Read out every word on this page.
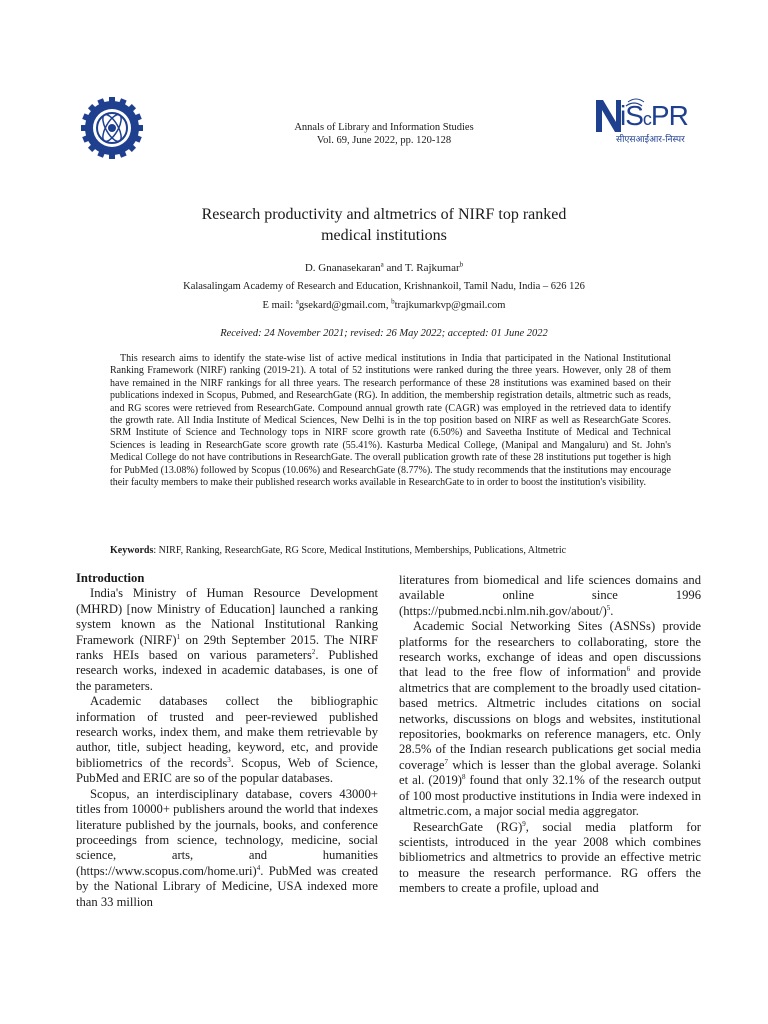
iScPR
सीएसआईआर-निस्पर
Annals of Library and Information Studies
Vol. 69, June 2022, pp. 120-128
Research productivity and altmetrics of NIRF top ranked
medical institutions
D. Gnanasekaran$^a$ and T. Rajkumar$^b$
Kalasalingam Academy of Research and Education, Krishnankoil, Tamil Nadu, India – 626 126
E mail: $^a$gsekard@gmail.com, $^b$trajkumarkvp@gmail.com
Received: 24 November 2021; revised: 26 May 2022; accepted: 01 June 2022
This research aims to identify the state-wise list of active medical institutions in India that participated in the National Institutional Ranking Framework (NIRF) ranking (2019-21). A total of 52 institutions were ranked during the three years. However, only 28 of them have remained in the NIRF rankings for all three years. The research performance of these 28 institutions was examined based on their publications indexed in Scopus, Pubmed, and ResearchGate (RG). In addition, the membership registration details, altmetric such as reads, and RG scores were retrieved from ResearchGate. Compound annual growth rate (CAGR) was employed in the retrieved data to identify the growth rate. All India Institute of Medical Sciences, New Delhi is in the top position based on NIRF as well as ResearchGate Scores. SRM Institute of Science and Technology tops in NIRF score growth rate (6.50%) and Saveetha Institute of Medical and Technical Sciences is leading in ResearchGate score growth rate (55.41%). Kasturba Medical College, (Manipal and Mangaluru) and St. John's Medical College do not have contributions in ResearchGate. The overall publication growth rate of these 28 institutions put together is high for PubMed (13.08%) followed by Scopus (10.06%) and ResearchGate (8.77%). The study recommends that the institutions may encourage their faculty members to make their published research works available in ResearchGate to in order to boost the institution's visibility.
Keywords: NIRF, Ranking, ResearchGate, RG Score, Medical Institutions, Memberships, Publications, Altmetric
Introduction

India's Ministry of Human Resource Development (MHRD) [now Ministry of Education] launched a ranking system known as the National Institutional Ranking Framework (NIRF)$^1$ on 29th September 2015. The NIRF ranks HEIs based on various parameters$^2$. Published research works, indexed in academic databases, is one of the parameters.

Academic databases collect the bibliographic information of trusted and peer-reviewed published research works, index them, and make them retrievable by author, title, subject heading, keyword, etc, and provide bibliometrics of the records$^3$. Scopus, Web of Science, PubMed and ERIC are so of the popular databases.

Scopus, an interdisciplinary database, covers 43000+ titles from 10000+ publishers around the world that indexes literature published by the journals, books, and conference proceedings from science, technology, medicine, social science, arts, and humanities (https://www.scopus.com/home.uri)$^4$. PubMed was created by the National Library of Medicine, USA indexed more than 33 million

literatures from biomedical and life sciences domains and available online since 1996 (https://pubmed.ncbi.nlm.nih.gov/about/)$^5$.

Academic Social Networking Sites (ASNSs) provide platforms for the researchers to collaborating, store the research works, exchange of ideas and open discussions that lead to the free flow of information$^6$ and provide altmetrics that are complement to the broadly used citation-based metrics. Altmetric includes citations on social networks, discussions on blogs and websites, institutional repositories, bookmarks on reference managers, etc. Only 28.5% of the Indian research publications get social media coverage$^7$ which is lesser than the global average. Solanki et al. $(2019)^8$ found that only 32.1% of the research output of 100 most productive institutions in India were indexed in altmetric.com, a major social media aggregator.

ResearchGate (RG)$^9$, social media platform for scientists, introduced in the year 2008 which combines bibliometrics and altmetrics to provide an effective metric to measure the research performance. RG offers the members to create a profile, upload and
